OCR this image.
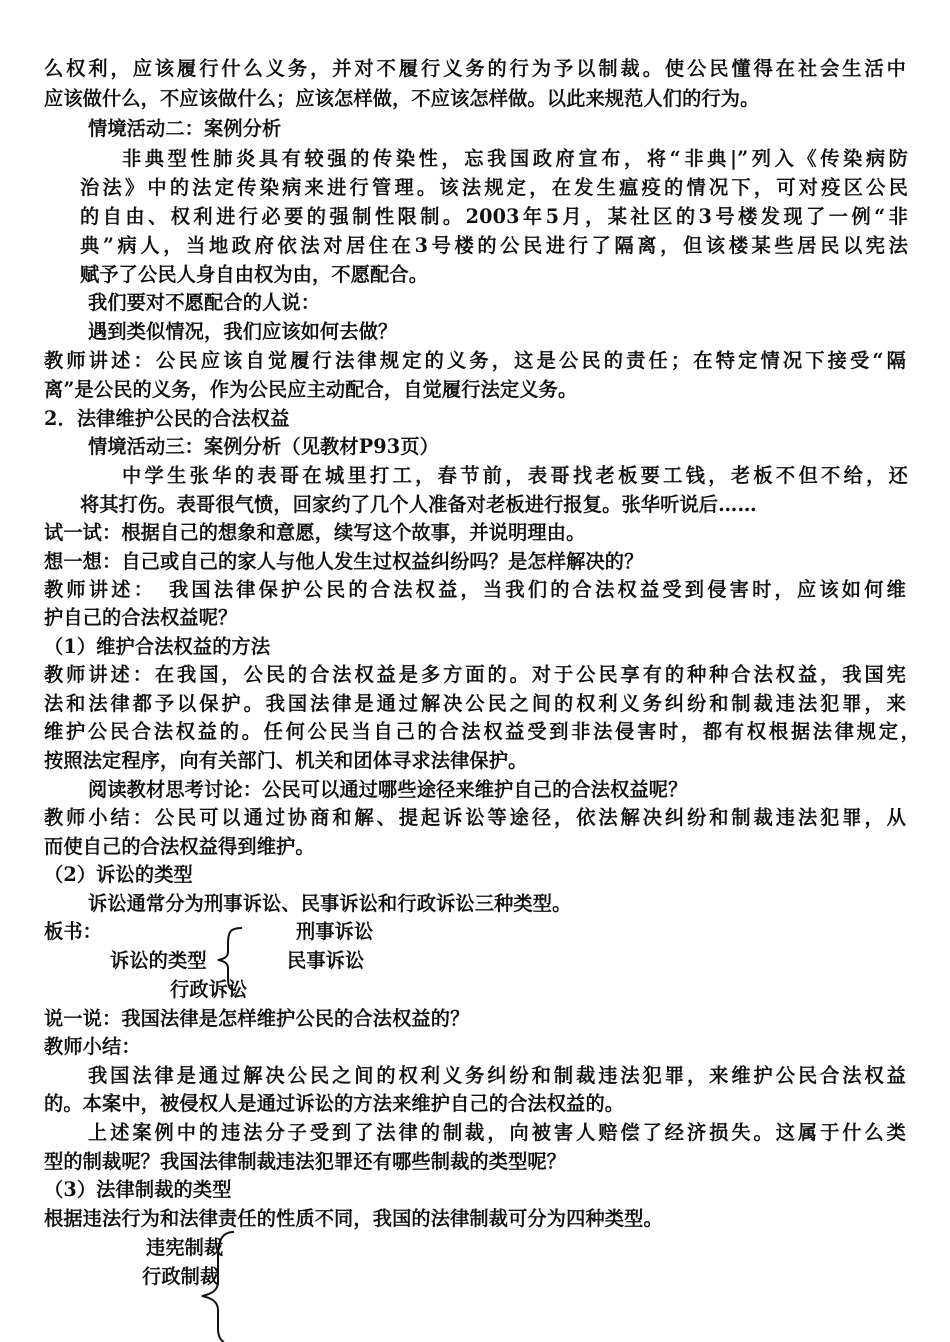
么权利，应该履行什么义务，并对不履行义务的行为予以制裁。使公民懂得在社会生活中
应该做什么，不应该做什么；应该怎样做，不应该怎样做。以此来规范人们的行为。
情境活动二：案例分析
非典型性肺炎具有较强的传染性，忘我国政府宣布，将“非典|”列入《传染病防
治法》中的法定传染病来进行管理。该法规定，在发生瘟疫的情况下，可对疫区公民
的自由、权利进行必要的强制性限制。2003年5月，某社区的3号楼发现了一例“非
典”病人，当地政府依法对居住在3号楼的公民进行了隔离，但该楼某些居民以宪法
赋予了公民人身自由权为由，不愿配合。
我们要对不愿配合的人说：
遇到类似情况，我们应该如何去做？
教师讲述：公民应该自觉履行法律规定的义务，这是公民的责任；在特定情况下接受“隔
离”是公民的义务，作为公民应主动配合，自觉履行法定义务。
2．法律维护公民的合法权益
情境活动三：案例分析（见教材P93页）
中学生张华的表哥在城里打工，春节前，表哥找老板要工钱，老板不但不给，还
将其打伤。表哥很气愤，回家约了几个人准备对老板进行报复。张华听说后……
试一试：根据自己的想象和意愿，续写这个故事，并说明理由。
想一想：自己或自己的家人与他人发生过权益纠纷吗？是怎样解决的？
教师讲述：　我国法律保护公民的合法权益，当我们的合法权益受到侵害时，应该如何维
护自己的合法权益呢？
（1）维护合法权益的方法
教师讲述：在我国，公民的合法权益是多方面的。对于公民享有的种种合法权益，我国宪
法和法律都予以保护。我国法律是通过解决公民之间的权利义务纠纷和制裁违法犯罪，来
维护公民合法权益的。任何公民当自己的合法权益受到非法侵害时，都有权根据法律规定，
按照法定程序，向有关部门、机关和团体寻求法律保护。
阅读教材思考讨论：公民可以通过哪些途径来维护自己的合法权益呢？
教师小结：公民可以通过协商和解、提起诉讼等途径，依法解决纠纷和制裁违法犯罪，从
而使自己的合法权益得到维护。
（2）诉讼的类型
诉讼通常分为刑事诉讼、民事诉讼和行政诉讼三种类型。
板书：	刑事诉讼
诉讼的类型	民事诉讼
行政诉讼
说一说：我国法律是怎样维护公民的合法权益的？
教师小结：
我国法律是通过解决公民之间的权利义务纠纷和制裁违法犯罪，来维护公民合法权益
的。本案中，被侵权人是通过诉讼的方法来维护自己的合法权益的。
上述案例中的违法分子受到了法律的制裁，向被害人赔偿了经济损失。这属于什么类
型的制裁呢？我国法律制裁违法犯罪还有哪些制裁的类型呢？
（3）法律制裁的类型
根据违法行为和法律责任的性质不同，我国的法律制裁可分为四种类型。
违宪制裁
行政制裁
